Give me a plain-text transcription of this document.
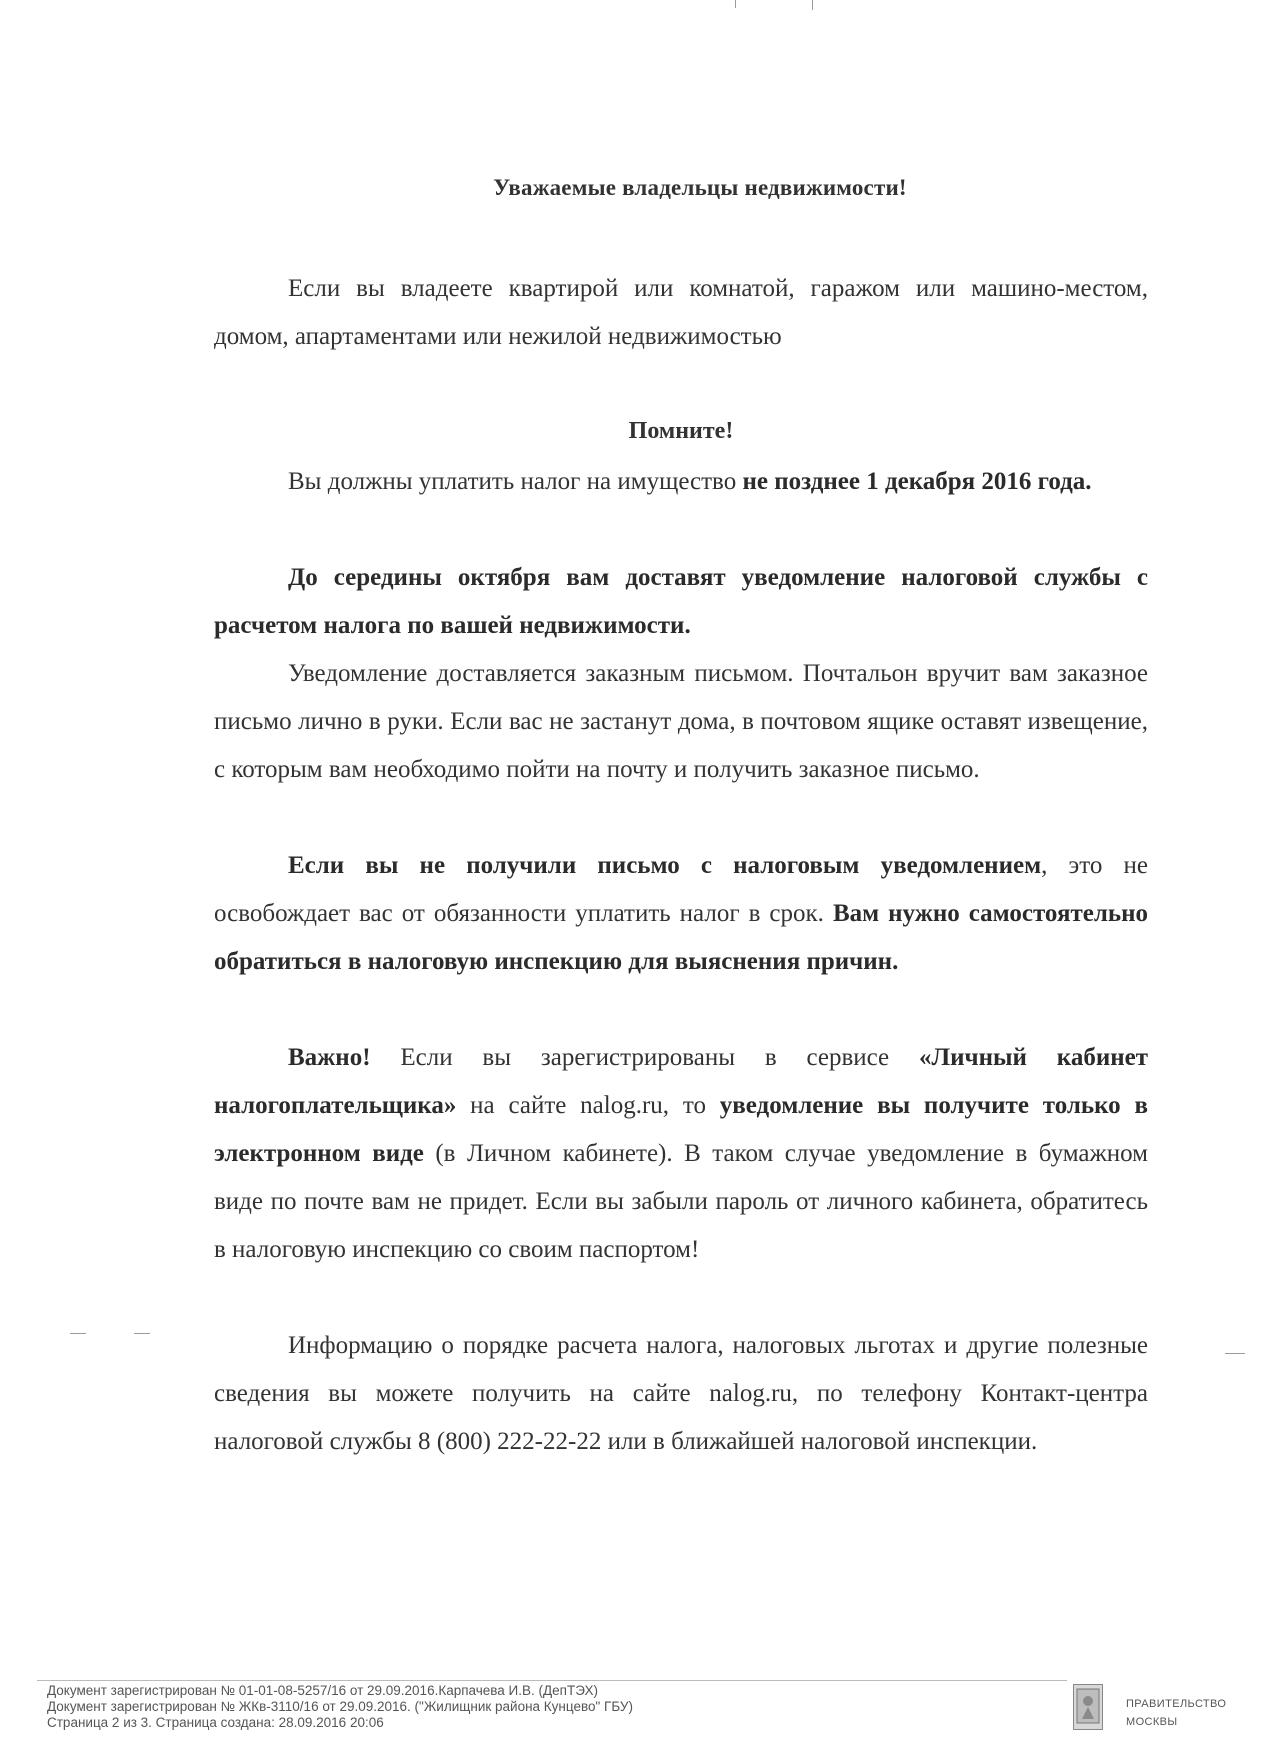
Уважаемые владельцы недвижимости!
Если вы владеете квартирой или комнатой, гаражом или машино-местом, домом, апартаментами или нежилой недвижимостью
Помните!
Вы должны уплатить налог на имущество не позднее 1 декабря 2016 года.
До середины октября вам доставят уведомление налоговой службы с расчетом налога по вашей недвижимости.
Уведомление доставляется заказным письмом. Почтальон вручит вам заказное письмо лично в руки. Если вас не застанут дома, в почтовом ящике оставят извещение, с которым вам необходимо пойти на почту и получить заказное письмо.
Если вы не получили письмо с налоговым уведомлением, это не освобождает вас от обязанности уплатить налог в срок. Вам нужно самостоятельно обратиться в налоговую инспекцию для выяснения причин.
Важно! Если вы зарегистрированы в сервисе «Личный кабинет налогоплательщика» на сайте nalog.ru, то уведомление вы получите только в электронном виде (в Личном кабинете). В таком случае уведомление в бумажном виде по почте вам не придет. Если вы забыли пароль от личного кабинета, обратитесь в налоговую инспекцию со своим паспортом!
Информацию о порядке расчета налога, налоговых льготах и другие полезные сведения вы можете получить на сайте nalog.ru, по телефону Контакт-центра налоговой службы 8 (800) 222-22-22 или в ближайшей налоговой инспекции.
Документ зарегистрирован № 01-01-08-5257/16 от 29.09.2016.Карпачева И.В. (ДепТЭХ)
Документ зарегистрирован № ЖКв-3110/16 от 29.09.2016. ("Жилищник района Кунцево" ГБУ)
Страница 2 из 3. Страница создана: 28.09.2016 20:06
ПРАВИТЕЛЬСТВО
МОСКВЫ
